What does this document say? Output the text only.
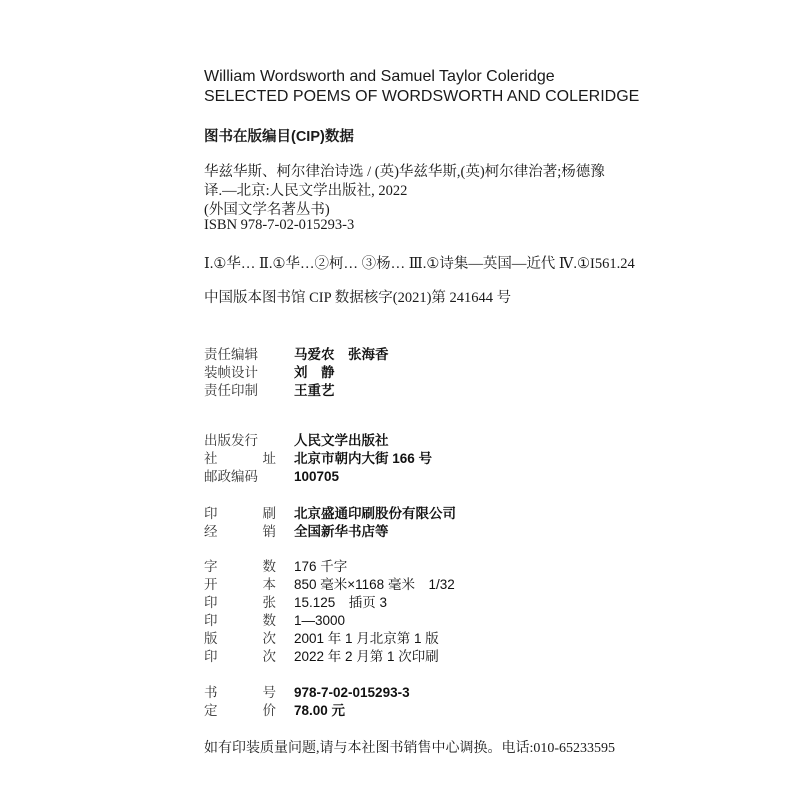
William Wordsworth and Samuel Taylor Coleridge
SELECTED POEMS OF WORDSWORTH AND COLERIDGE
图书在版编目(CIP)数据
华兹华斯、柯尔律治诗选 / (英)华兹华斯,(英)柯尔律治著;杨德豫
译.—北京:人民文学出版社, 2022
(外国文学名著丛书)
ISBN 978-7-02-015293-3
Ⅰ.①华… Ⅱ.①华…②柯… ③杨… Ⅲ.①诗集—英国—近代 Ⅳ.①I561.24
中国版本图书馆 CIP 数据核字(2021)第 241644 号
责任编辑	马爱农　张海香
装帧设计	刘　静
责任印制	王重艺
出版发行	人民文学出版社
社	址 北京市朝内大街 166 号
邮政编码	100705
印	刷 北京盛通印刷股份有限公司
经	销 全国新华书店等
字	数 176 千字
开	本 850 毫米×1168 毫米　1/32
印	张 15.125　插页 3
印	数 1—3000
版	次 2001 年 1 月北京第 1 版
印	次 2022 年 2 月第 1 次印刷
书	号 978-7-02-015293-3
定	价 78.00 元
如有印装质量问题,请与本社图书销售中心调换。电话:010-65233595
